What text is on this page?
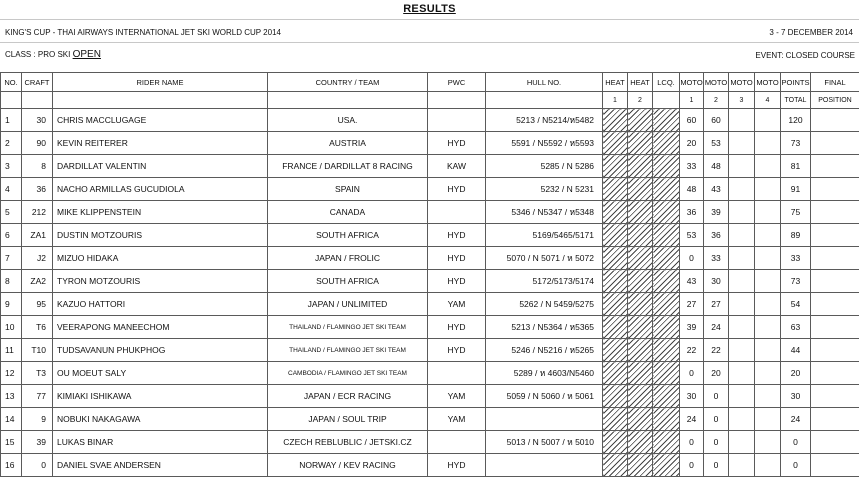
RESULTS
KING'S CUP - THAI AIRWAYS INTERNATIONAL JET SKI WORLD CUP 2014	3 - 7 DECEMBER 2014
CLASS : PRO SKI OPEN	EVENT: CLOSED COURSE
NO.	CRAFT	RIDER NAME	COUNTRY / TEAM	PWC	HULL NO.	HEAT	HEAT	LCQ.	MOTO	MOTO	MOTO	MOTO	POINTS	FINAL
						1	2		1	2	3	4	TOTAL	POSITION
1	30	CHRIS MACCLUGAGE	USA.		5213 / N5214/ห5482				60	60			120	
2	90	KEVIN REITERER	AUSTRIA	HYD	5591 / N5592 / ห5593				20	53			73	
3	8	DARDILLAT VALENTIN	FRANCE / DARDILLAT 8 RACING	KAW	5285 / N 5286				33	48			81	
4	36	NACHO ARMILLAS GUCUDIOLA	SPAIN	HYD	5232 / N 5231				48	43			91	
5	212	MIKE KLIPPENSTEIN	CANADA		5346 / N5347 / ห5348				36	39			75	
6	ZA1	DUSTIN MOTZOURIS	SOUTH AFRICA	HYD	5169/5465/5171				53	36			89	
7	J2	MIZUO HIDAKA	JAPAN / FROLIC	HYD	5070 / N 5071 / ห 5072				0	33			33	
8	ZA2	TYRON MOTZOURIS	SOUTH AFRICA	HYD	5172/5173/5174				43	30			73	
9	95	KAZUO HATTORI	JAPAN / UNLIMITED	YAM	5262 / N 5459/5275				27	27			54	
10	T6	VEERAPONG MANEECHOM	THAILAND / FLAMINGO JET SKI TEAM	HYD	5213 / N5364 / ห5365				39	24			63	
11	T10	TUDSAVANUN PHUKPHOG	THAILAND / FLAMINGO JET SKI TEAM	HYD	5246 / N5216 / ห5265				22	22			44	
12	T3	OU MOEUT SALY	CAMBODIA / FLAMINGO JET SKI TEAM		5289 / ห 4603/N5460				0	20			20	
13	77	KIMIAKI ISHIKAWA	JAPAN / ECR RACING	YAM	5059 / N 5060 / ห 5061				30	0			30	
14	9	NOBUKI NAKAGAWA	JAPAN / SOUL TRIP	YAM					24	0			24	
15	39	LUKAS BINAR	CZECH REBLUBLIC / JETSKI.CZ		5013 / N 5007 / ห 5010				0	0			0	
16	0	DANIEL SVAE ANDERSEN	NORWAY / KEV RACING	HYD					0	0			0	
